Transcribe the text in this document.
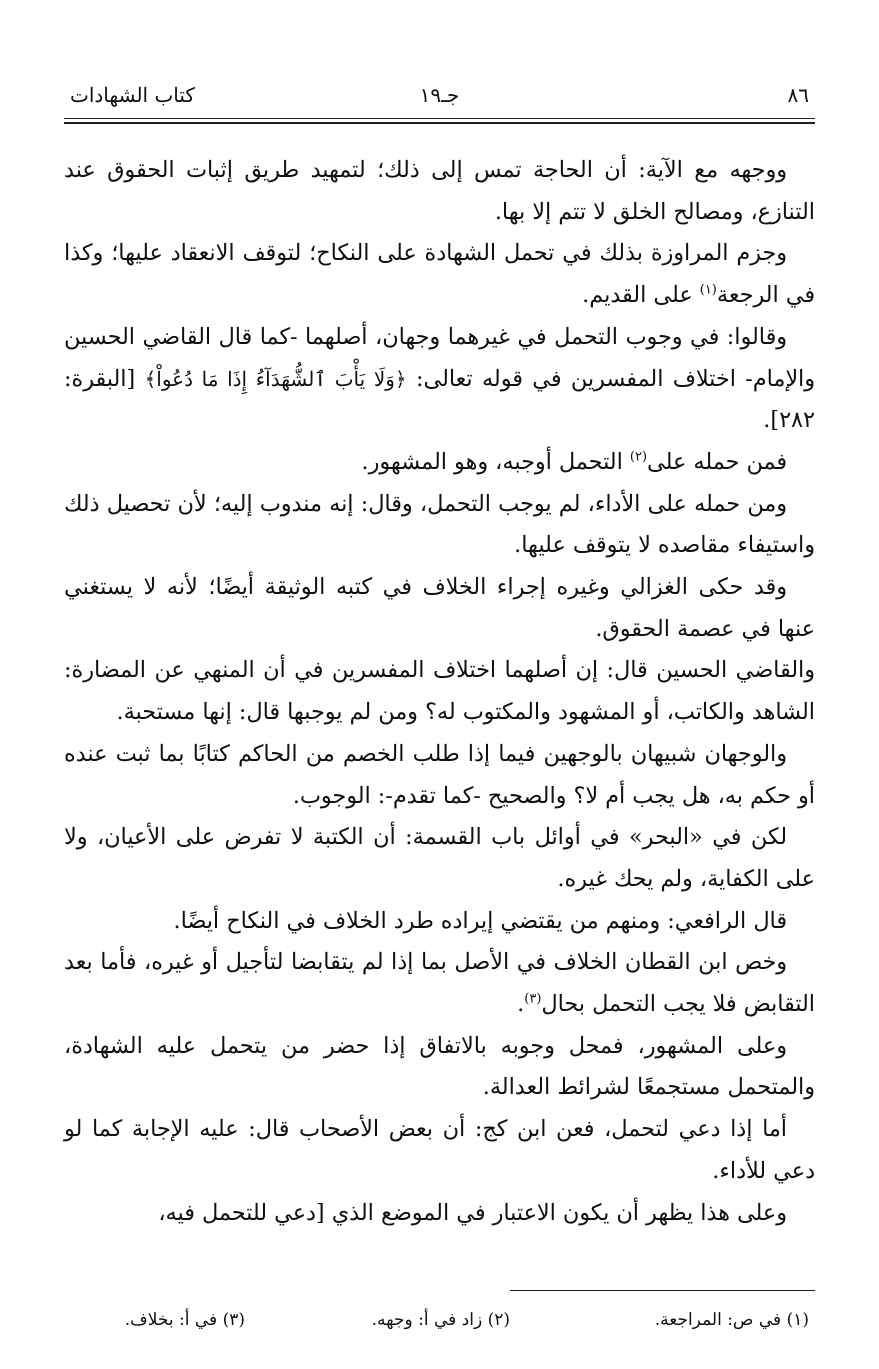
٨٦
جـ١٩
كتاب الشهادات

ووجهه مع الآية: أن الحاجة تمس إلى ذلك؛ لتمهيد طريق إثبات الحقوق عند التنازع، ومصالح الخلق لا تتم إلا بها.

وجزم المراوزة بذلك في تحمل الشهادة على النكاح؛ لتوقف الانعقاد عليها؛ وكذا في الرجعة$^{(١)}$ على القديم.

وقالوا: في وجوب التحمل في غيرهما وجهان، أصلهما -كما قال القاضي الحسين والإمام- اختلاف المفسرين في قوله تعالى: ﴿وَلَا يَأْبَ ٱلشُّهَدَآءُ إِذَا مَا دُعُواْ﴾ [البقرة: ٢٨٢].

فمن حمله على$^{(٢)}$ التحمل أوجبه، وهو المشهور.

ومن حمله على الأداء، لم يوجب التحمل، وقال: إنه مندوب إليه؛ لأن تحصيل ذلك واستيفاء مقاصده لا يتوقف عليها.

وقد حكى الغزالي وغيره إجراء الخلاف في كتبه الوثيقة أيضًا؛ لأنه لا يستغني عنها في عصمة الحقوق.

والقاضي الحسين قال: إن أصلهما اختلاف المفسرين في أن المنهي عن المضارة: الشاهد والكاتب، أو المشهود والمكتوب له؟ ومن لم يوجبها قال: إنها مستحبة.

والوجهان شبيهان بالوجهين فيما إذا طلب الخصم من الحاكم كتابًا بما ثبت عنده أو حكم به، هل يجب أم لا؟ والصحيح -كما تقدم-: الوجوب.

لكن في «البحر» في أوائل باب القسمة: أن الكتبة لا تفرض على الأعيان، ولا على الكفاية، ولم يحك غيره.

قال الرافعي: ومنهم من يقتضي إيراده طرد الخلاف في النكاح أيضًا.

وخص ابن القطان الخلاف في الأصل بما إذا لم يتقابضا لتأجيل أو غيره، فأما بعد التقابض فلا يجب التحمل بحال$^{(٣)}$.

وعلى المشهور، فمحل وجوبه بالاتفاق إذا حضر من يتحمل عليه الشهادة، والمتحمل مستجمعًا لشرائط العدالة.

أما إذا دعي لتحمل، فعن ابن كج: أن بعض الأصحاب قال: عليه الإجابة كما لو دعي للأداء.

وعلى هذا يظهر أن يكون الاعتبار في الموضع الذي [دعي للتحمل فيه،

(١) في ص: المراجعة.
(٢) زاد في أ: وجهه.
(٣) في أ: بخلاف.
